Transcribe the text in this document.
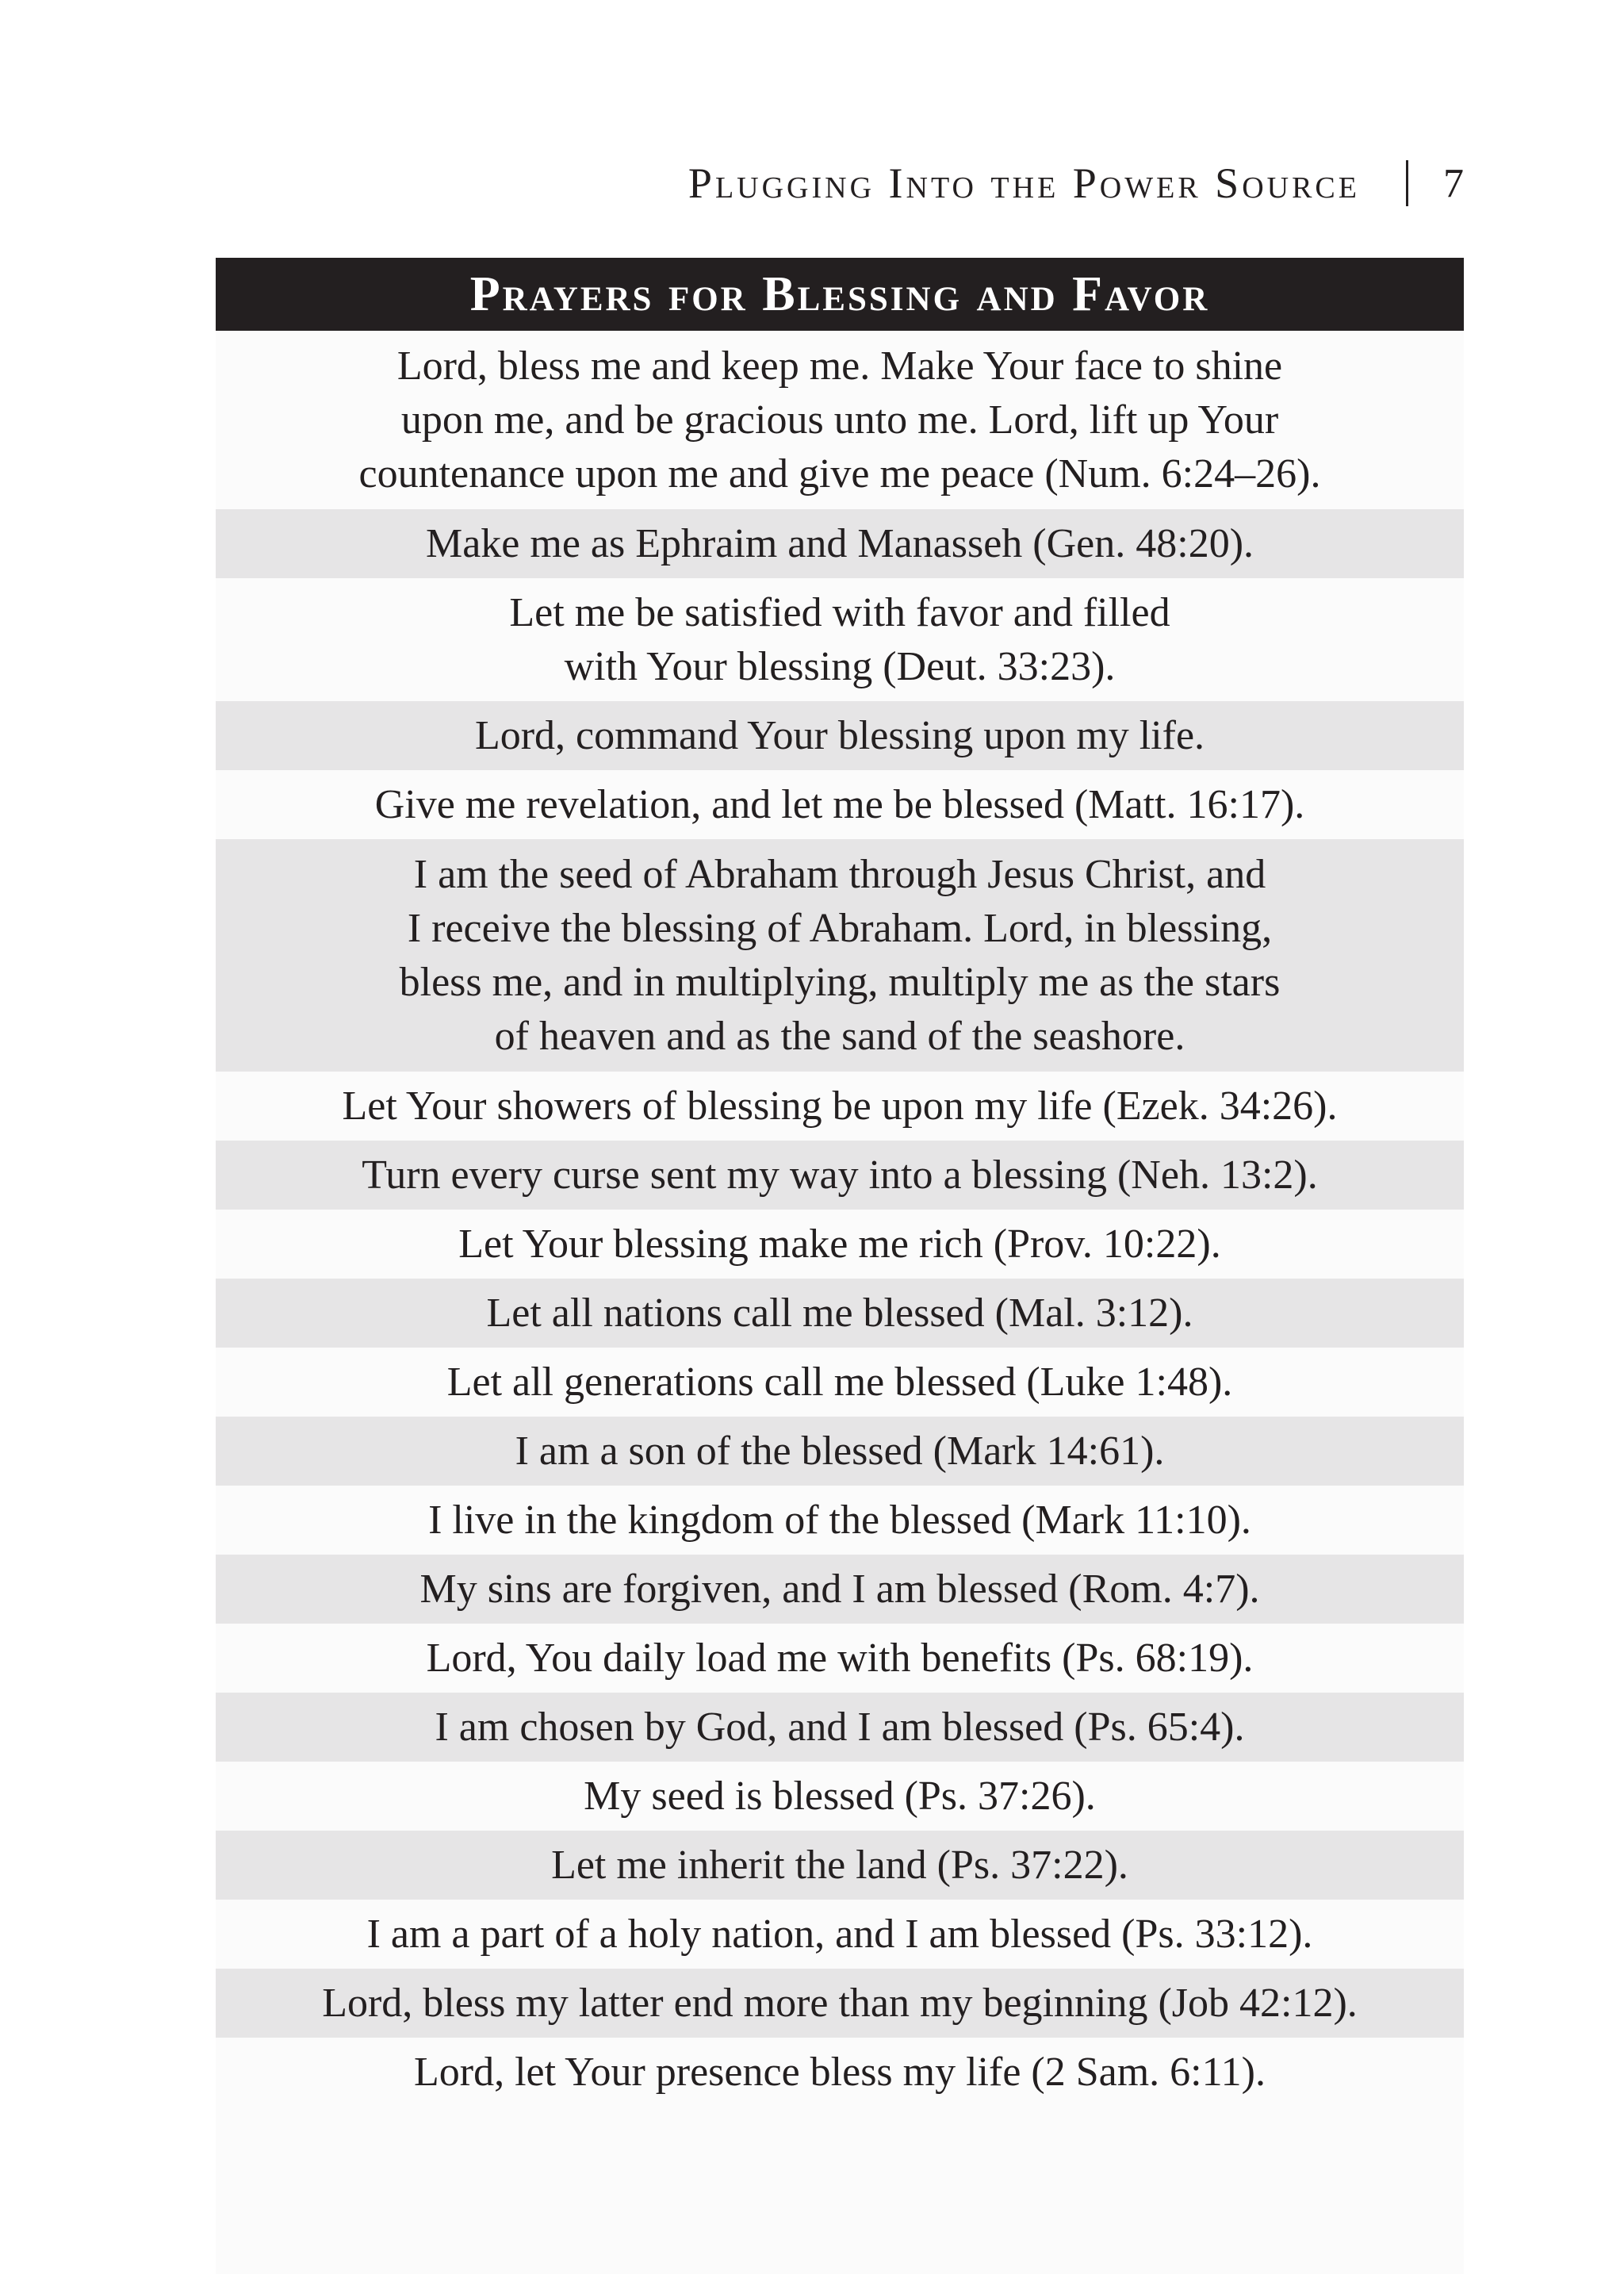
Plugging Into the Power Source 7
Prayers for Blessing and Favor
Lord, bless me and keep me. Make Your face to shine
upon me, and be gracious unto me. Lord, lift up Your
countenance upon me and give me peace (Num. 6:24–26).
Make me as Ephraim and Manasseh (Gen. 48:20).
Let me be satisfied with favor and filled
with Your blessing (Deut. 33:23).
Lord, command Your blessing upon my life.
Give me revelation, and let me be blessed (Matt. 16:17).
I am the seed of Abraham through Jesus Christ, and
I receive the blessing of Abraham. Lord, in blessing,
bless me, and in multiplying, multiply me as the stars
of heaven and as the sand of the seashore.
Let Your showers of blessing be upon my life (Ezek. 34:26).
Turn every curse sent my way into a blessing (Neh. 13:2).
Let Your blessing make me rich (Prov. 10:22).
Let all nations call me blessed (Mal. 3:12).
Let all generations call me blessed (Luke 1:48).
I am a son of the blessed (Mark 14:61).
I live in the kingdom of the blessed (Mark 11:10).
My sins are forgiven, and I am blessed (Rom. 4:7).
Lord, You daily load me with benefits (Ps. 68:19).
I am chosen by God, and I am blessed (Ps. 65:4).
My seed is blessed (Ps. 37:26).
Let me inherit the land (Ps. 37:22).
I am a part of a holy nation, and I am blessed (Ps. 33:12).
Lord, bless my latter end more than my beginning (Job 42:12).
Lord, let Your presence bless my life (2 Sam. 6:11).
